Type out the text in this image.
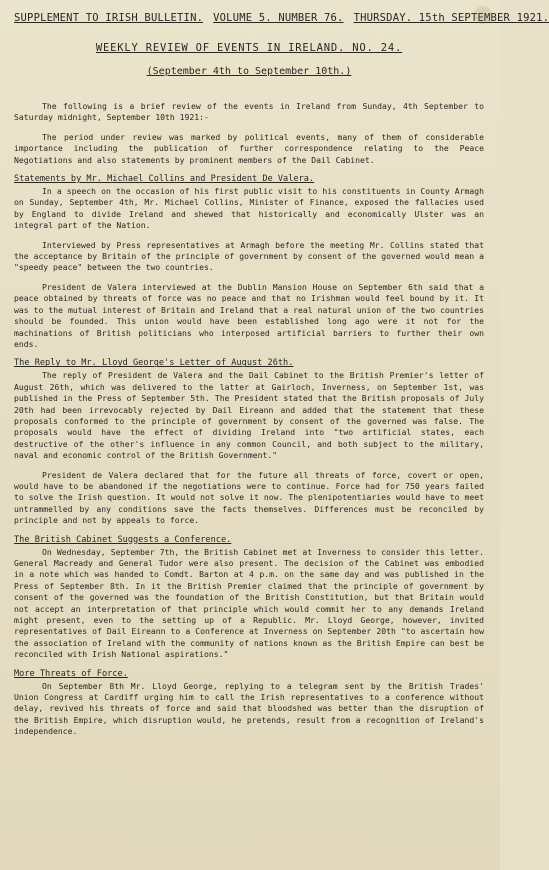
SUPPLEMENT TO IRISH BULLETIN. VOLUME 5. NUMBER 76. THURSDAY. 15th SEPTEMBER 1921.
WEEKLY REVIEW OF EVENTS IN IRELAND. NO. 24.
(September 4th to September 10th.)

The following is a brief review of the events in Ireland from Sunday, 4th September to Saturday midnight, September 10th 1921:-

The period under review was marked by political events, many of them of considerable importance including the publication of further correspondence relating to the Peace Negotiations and also statements by prominent members of the Dail Cabinet.

Statements by Mr. Michael Collins and President De Valera.

In a speech on the occasion of his first public visit to his constituents in County Armagh on Sunday, September 4th, Mr. Michael Collins, Minister of Finance, exposed the fallacies used by England to divide Ireland and shewed that historically and economically Ulster was an integral part of the Nation.

Interviewed by Press representatives at Armagh before the meeting Mr. Collins stated that the acceptance by Britain of the principle of government by consent of the governed would mean a "speedy peace" between the two countries.

President de Valera interviewed at the Dublin Mansion House on September 6th said that a peace obtained by threats of force was no peace and that no Irishman would feel bound by it. It was to the mutual interest of Britain and Ireland that a real natural union of the two countries should be founded. This union would have been established long ago were it not for the machinations of British politicians who interposed artificial barriers to further their own ends.

The Reply to Mr. Lloyd George's Letter of August 26th.

The reply of President de Valera and the Dail Cabinet to the British Premier's letter of August 26th, which was delivered to the latter at Gairloch, Inverness, on September 1st, was published in the Press of September 5th. The President stated that the British proposals of July 20th had been irrevocably rejected by Dail Eireann and added that the statement that these proposals conformed to the principle of government by consent of the governed was false. The proposals would have the effect of dividing Ireland into "two artificial states, each destructive of the other's influence in any common Council, and both subject to the military, naval and economic control of the British Government."

President de Valera declared that for the future all threats of force, covert or open, would have to be abandoned if the negotiations were to continue. Force had for 750 years failed to solve the Irish question. It would not solve it now. The plenipotentiaries would have to meet untrammelled by any conditions save the facts themselves. Differences must be reconciled by principle and not by appeals to force.

The British Cabinet Suggests a Conference.

On Wednesday, September 7th, the British Cabinet met at Inverness to consider this letter. General Macready and General Tudor were also present. The decision of the Cabinet was embodied in a note which was handed to Comdt. Barton at 4 p.m. on the same day and was published in the Press of September 8th. In it the British Premier claimed that the principle of government by consent of the governed was the foundation of the British Constitution, but that Britain would not accept an interpretation of that principle which would commit her to any demands Ireland might present, even to the setting up of a Republic. Mr. Lloyd George, however, invited representatives of Dail Eireann to a Conference at Inverness on September 20th "to ascertain how the association of Ireland with the community of nations known as the British Empire can best be reconciled with Irish National aspirations."

More Threats of Force.

On September 8th Mr. Lloyd George, replying to a telegram sent by the British Trades' Union Congress at Cardiff urging him to call the Irish representatives to a conference without delay, revived his threats of force and said that bloodshed was better than the disruption of the British Empire, which disruption would, he pretends, result from a recognition of Ireland's independence.
